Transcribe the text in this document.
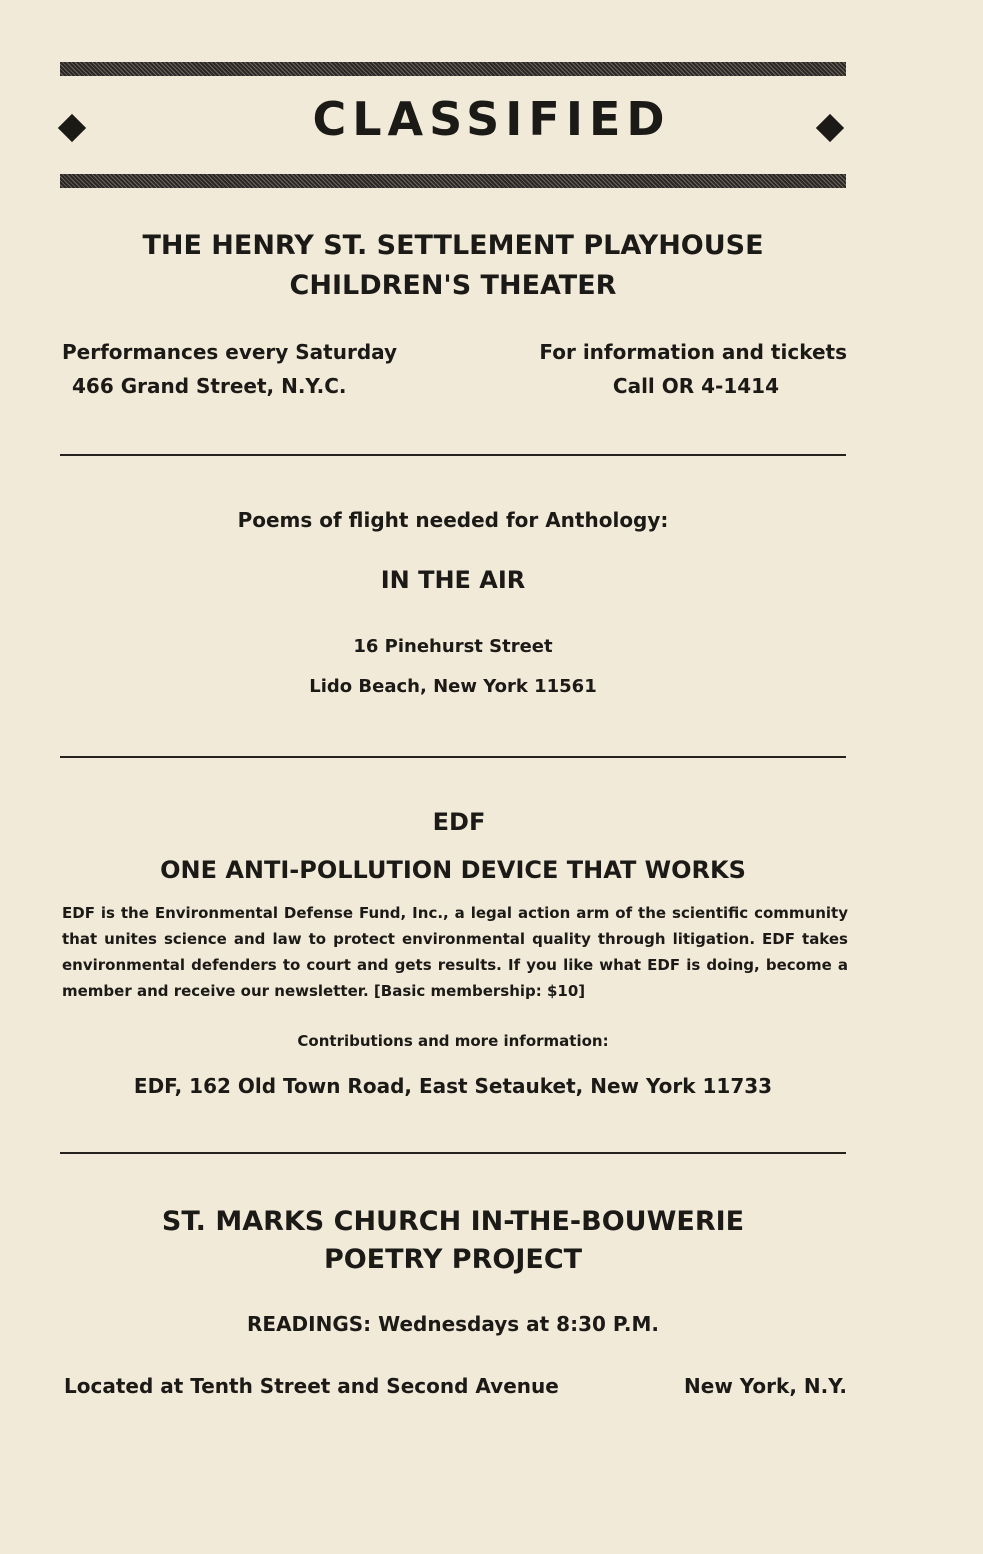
CLASSIFIED
THE HENRY ST. SETTLEMENT PLAYHOUSE
CHILDREN'S THEATER
Performances every Saturday
466 Grand Street, N.Y.C.
For information and tickets
Call OR 4-1414
Poems of flight needed for Anthology:
IN THE AIR
16 Pinehurst Street
Lido Beach, New York 11561
EDF
ONE ANTI-POLLUTION DEVICE THAT WORKS
EDF is the Environmental Defense Fund, Inc., a legal action arm of the scientific community that unites science and law to protect environmental quality through litigation. EDF takes environmental defenders to court and gets results. If you like what EDF is doing, become a member and receive our newsletter. [Basic membership: $10]
Contributions and more information:
EDF, 162 Old Town Road, East Setauket, New York 11733
ST. MARKS CHURCH IN-THE-BOUWERIE
POETRY PROJECT
READINGS: Wednesdays at 8:30 P.M.
Located at Tenth Street and Second Avenue	New York, N.Y.
